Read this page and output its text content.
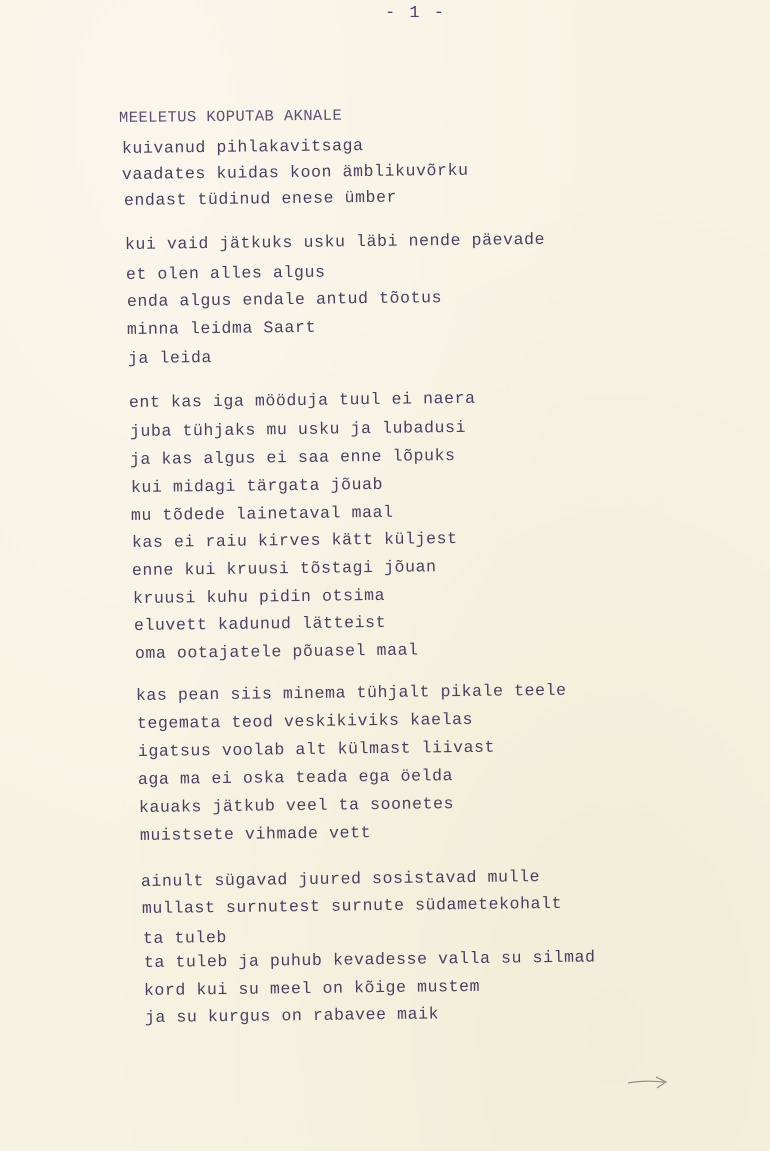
- 1 -
MEELETUS KOPUTAB AKNALE
kuivanud pihlakavitsaga
vaadates kuidas koon ämblikuvõrku
endast tüdinud enese ümber
kui vaid jätkuks usku läbi nende päevade
et olen alles algus
enda algus endale antud tõotus
minna leidma Saart
ja leida
ent kas iga mööduja tuul ei naera
juba tühjaks mu usku ja lubadusi
ja kas algus ei saa enne lõpuks
kui midagi tärgata jõuab
mu tõdede lainetaval maal
kas ei raiu kirves kätt küljest
enne kui kruusi tõstagi jõuan
kruusi kuhu pidin otsima
eluvett kadunud lätteist
oma ootajatele põuasel maal
kas pean siis minema tühjalt pikale teele
tegemata teod veskikiviks kaelas
igatsus voolab alt külmast liivast
aga ma ei oska teada ega öelda
kauaks jätkub veel ta soonetes
muistsete vihmade vett
ainult sügavad juured sosistavad mulle
mullast surnutest surnute südametekohalt
ta tuleb
ta tuleb ja puhub kevadesse valla su silmad
kord kui su meel on kõige mustem
ja su kurgus on rabavee maik
